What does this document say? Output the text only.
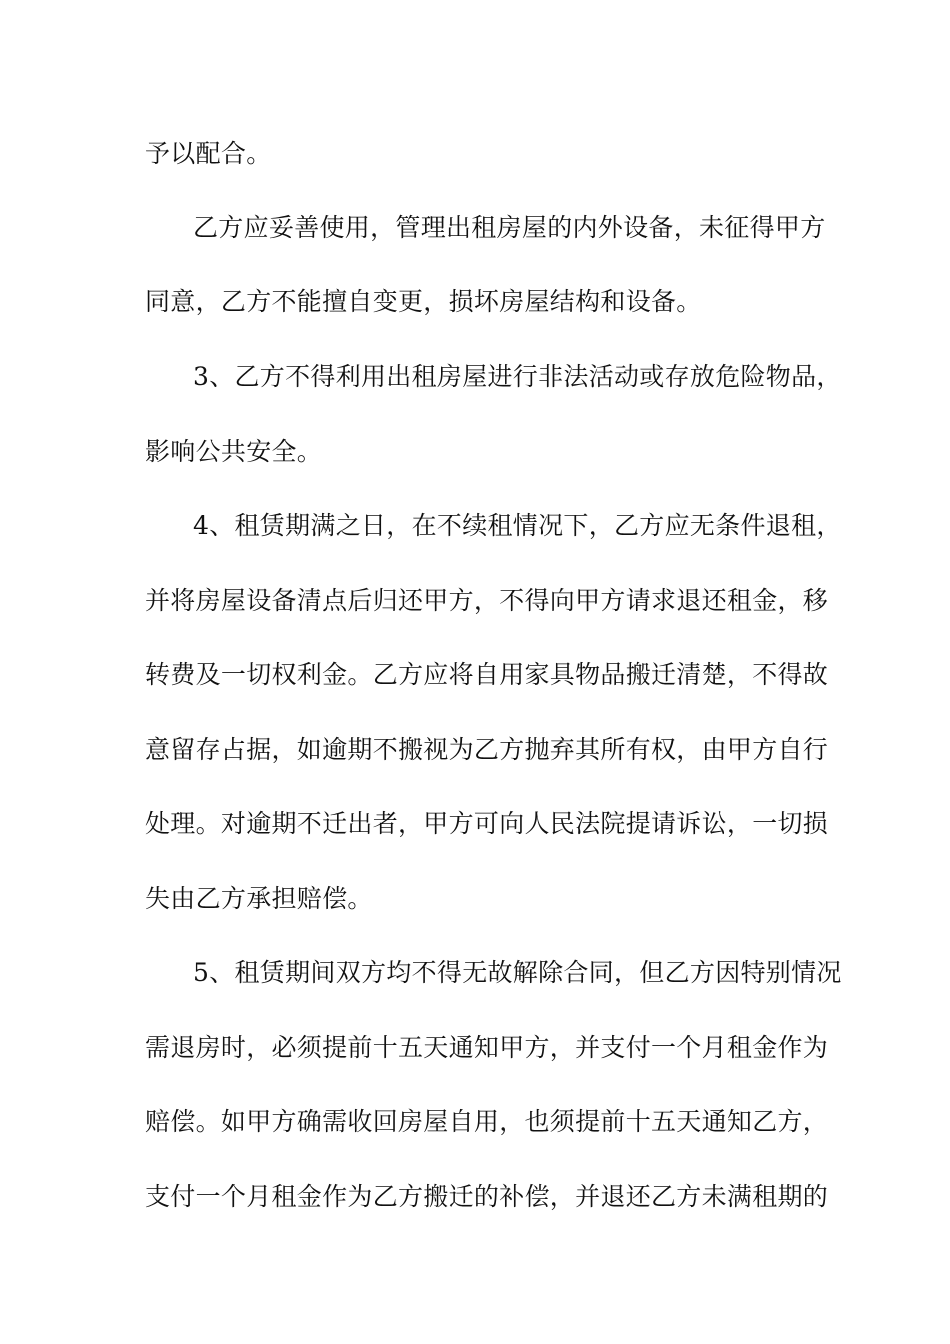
予以配合。
乙方应妥善使用，管理出租房屋的内外设备，未征得甲方
同意，乙方不能擅自变更，损坏房屋结构和设备。
3、乙方不得利用出租房屋进行非法活动或存放危险物品，
影响公共安全。
4、租赁期满之日，在不续租情况下，乙方应无条件退租，
并将房屋设备清点后归还甲方，不得向甲方请求退还租金，移
转费及一切权利金。乙方应将自用家具物品搬迁清楚，不得故
意留存占据，如逾期不搬视为乙方抛弃其所有权，由甲方自行
处理。对逾期不迁出者，甲方可向人民法院提请诉讼，一切损
失由乙方承担赔偿。
5、租赁期间双方均不得无故解除合同，但乙方因特别情况
需退房时，必须提前十五天通知甲方，并支付一个月租金作为
赔偿。如甲方确需收回房屋自用，也须提前十五天通知乙方，
支付一个月租金作为乙方搬迁的补偿，并退还乙方未满租期的
